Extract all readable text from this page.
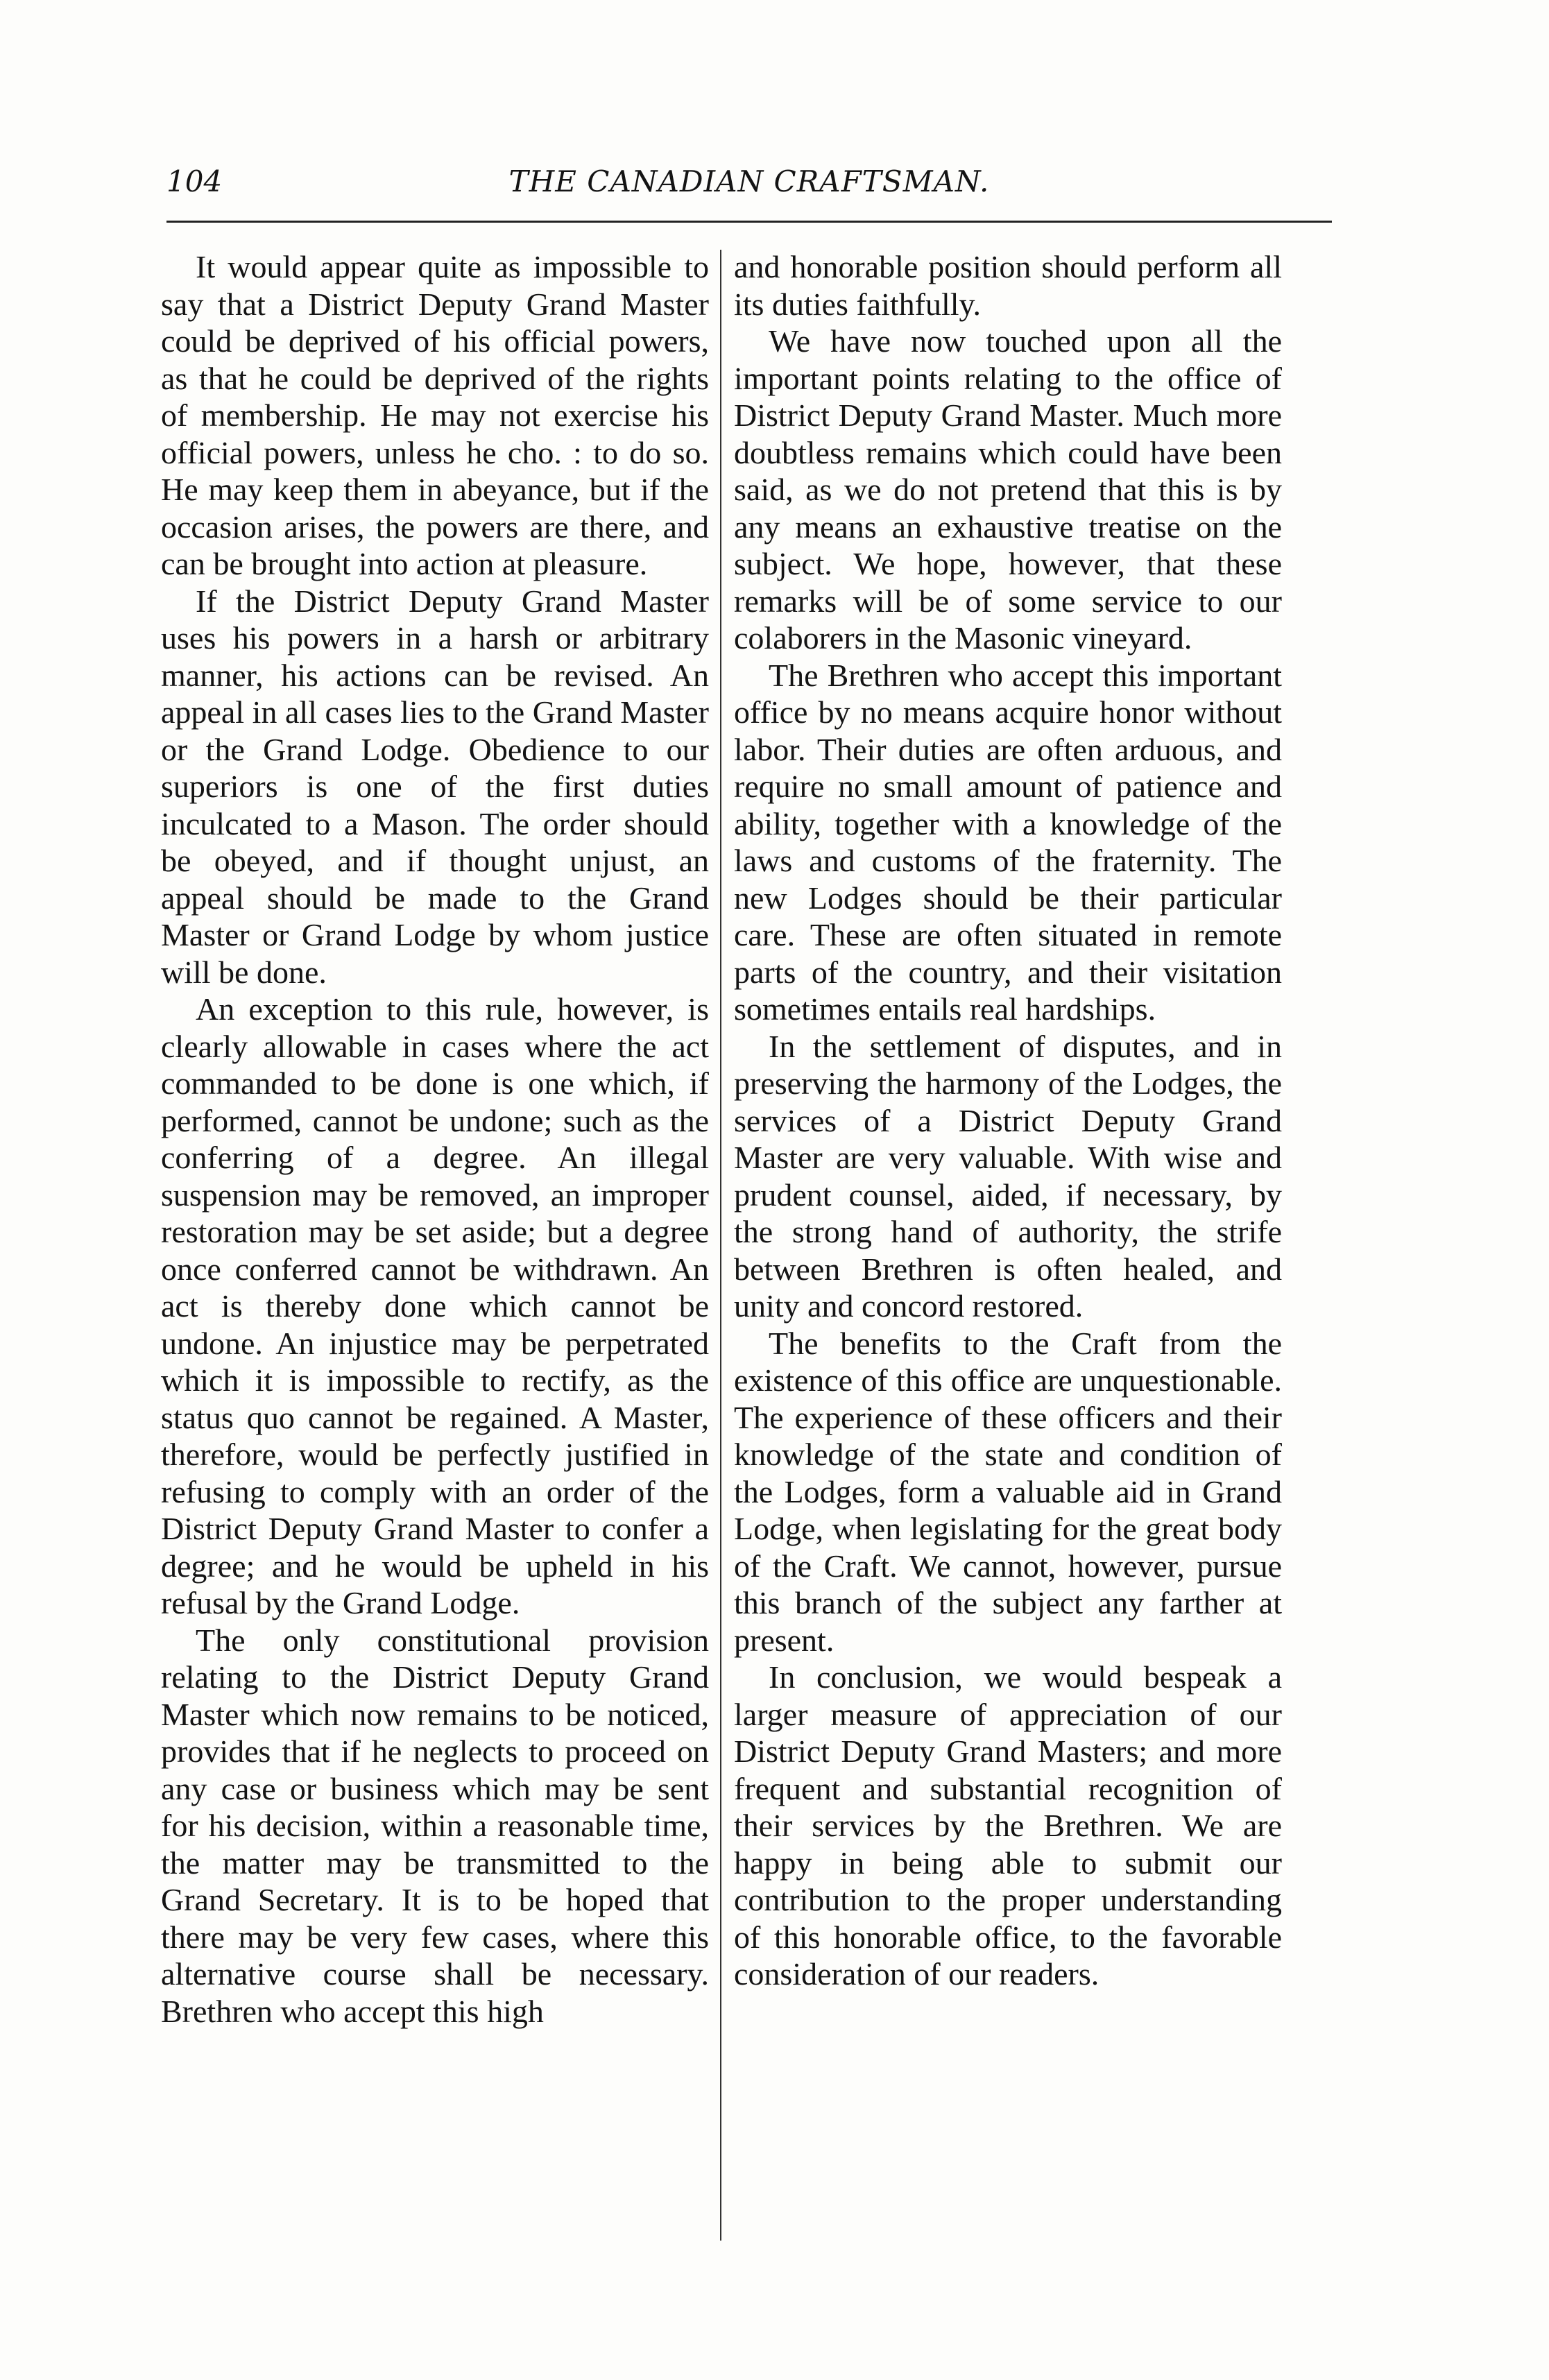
104	THE CANADIAN CRAFTSMAN.

It would appear quite as impossible to say that a District Deputy Grand Master could be deprived of his official powers, as that he could be deprived of the rights of membership. He may not exercise his official powers, unless he cho. : to do so. He may keep them in abeyance, but if the occasion arises, the powers are there, and can be brought into action at pleasure.

If the District Deputy Grand Master uses his powers in a harsh or arbitrary manner, his actions can be revised. An appeal in all cases lies to the Grand Master or the Grand Lodge. Obedience to our superiors is one of the first duties inculcated to a Mason. The order should be obeyed, and if thought unjust, an appeal should be made to the Grand Master or Grand Lodge by whom justice will be done.

An exception to this rule, however, is clearly allowable in cases where the act commanded to be done is one which, if performed, cannot be undone; such as the conferring of a degree. An illegal suspension may be removed, an improper restoration may be set aside; but a degree once conferred cannot be withdrawn. An act is thereby done which cannot be undone. An injustice may be perpetrated which it is impossible to rectify, as the status quo cannot be regained. A Master, therefore, would be perfectly justified in refusing to comply with an order of the District Deputy Grand Master to confer a degree; and he would be upheld in his refusal by the Grand Lodge.

The only constitutional provision relating to the District Deputy Grand Master which now remains to be noticed, provides that if he neglects to proceed on any case or business which may be sent for his decision, within a reasonable time, the matter may be transmitted to the Grand Secretary. It is to be hoped that there may be very few cases, where this alternative course shall be necessary. Brethren who accept this high

and honorable position should perform all its duties faithfully.

We have now touched upon all the important points relating to the office of District Deputy Grand Master. Much more doubtless remains which could have been said, as we do not pretend that this is by any means an exhaustive treatise on the subject. We hope, however, that these remarks will be of some service to our colaborers in the Masonic vineyard.

The Brethren who accept this important office by no means acquire honor without labor. Their duties are often arduous, and require no small amount of patience and ability, together with a knowledge of the laws and customs of the fraternity. The new Lodges should be their particular care. These are often situated in remote parts of the country, and their visitation sometimes entails real hardships.

In the settlement of disputes, and in preserving the harmony of the Lodges, the services of a District Deputy Grand Master are very valuable. With wise and prudent counsel, aided, if necessary, by the strong hand of authority, the strife between Brethren is often healed, and unity and concord restored.

The benefits to the Craft from the existence of this office are unquestionable. The experience of these officers and their knowledge of the state and condition of the Lodges, form a valuable aid in Grand Lodge, when legislating for the great body of the Craft. We cannot, however, pursue this branch of the subject any farther at present.

In conclusion, we would bespeak a larger measure of appreciation of our District Deputy Grand Masters; and more frequent and substantial recognition of their services by the Brethren. We are happy in being able to submit our contribution to the proper understanding of this honorable office, to the favorable consideration of our readers.
